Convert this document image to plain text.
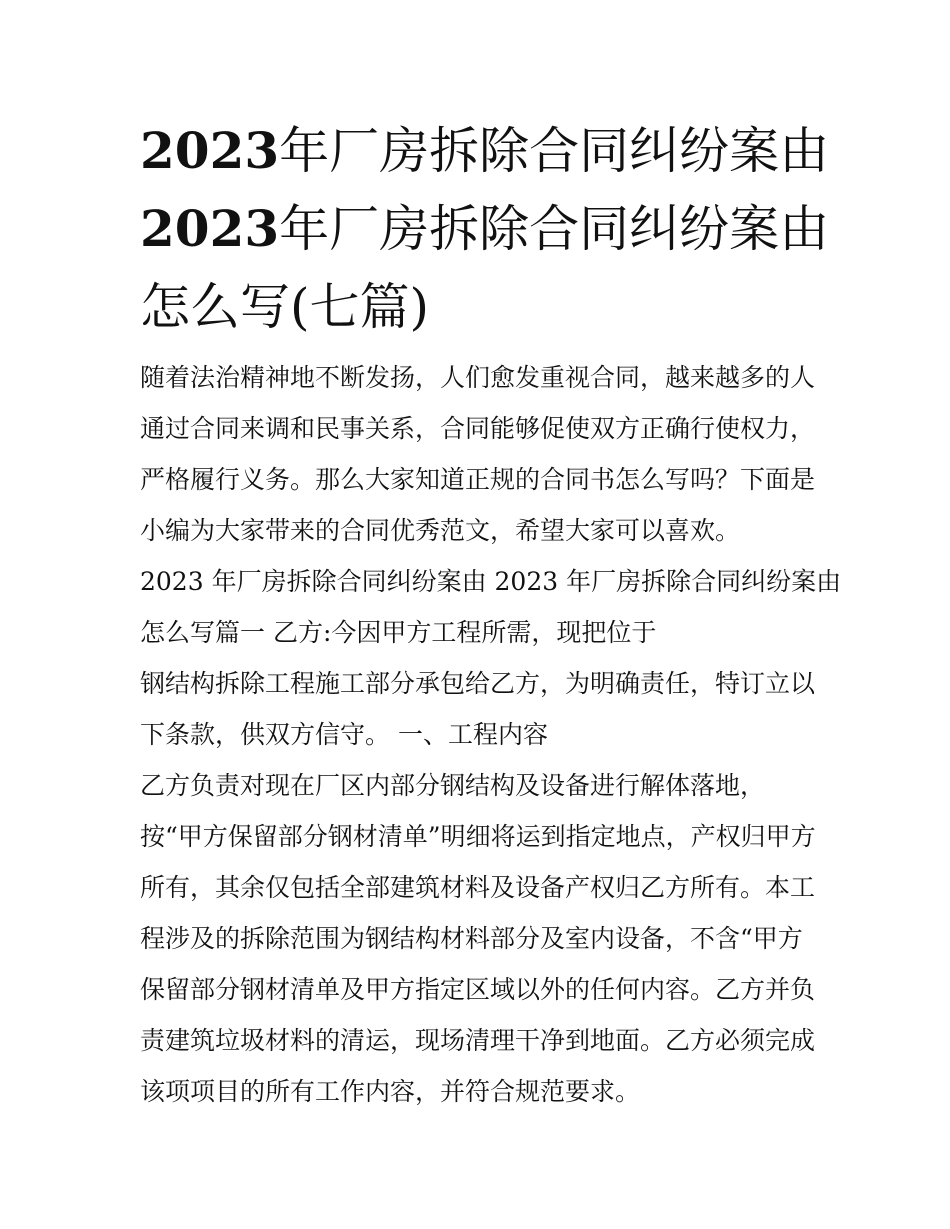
2023年厂房拆除合同纠纷案由
2023年厂房拆除合同纠纷案由
怎么写(七篇)
随着法治精神地不断发扬，人们愈发重视合同，越来越多的人
通过合同来调和民事关系，合同能够促使双方正确行使权力，
严格履行义务。那么大家知道正规的合同书怎么写吗？下面是
小编为大家带来的合同优秀范文，希望大家可以喜欢。
2023 年厂房拆除合同纠纷案由 2023 年厂房拆除合同纠纷案由
怎么写篇一 乙方:今因甲方工程所需，现把位于
钢结构拆除工程施工部分承包给乙方，为明确责任，特订立以
下条款，供双方信守。 一、工程内容
乙方负责对现在厂区内部分钢结构及设备进行解体落地，
按“甲方保留部分钢材清单”明细将运到指定地点，产权归甲方
所有，其余仅包括全部建筑材料及设备产权归乙方所有。本工
程涉及的拆除范围为钢结构材料部分及室内设备，不含“甲方
保留部分钢材清单及甲方指定区域以外的任何内容。乙方并负
责建筑垃圾材料的清运，现场清理干净到地面。乙方必须完成
该项项目的所有工作内容，并符合规范要求。
